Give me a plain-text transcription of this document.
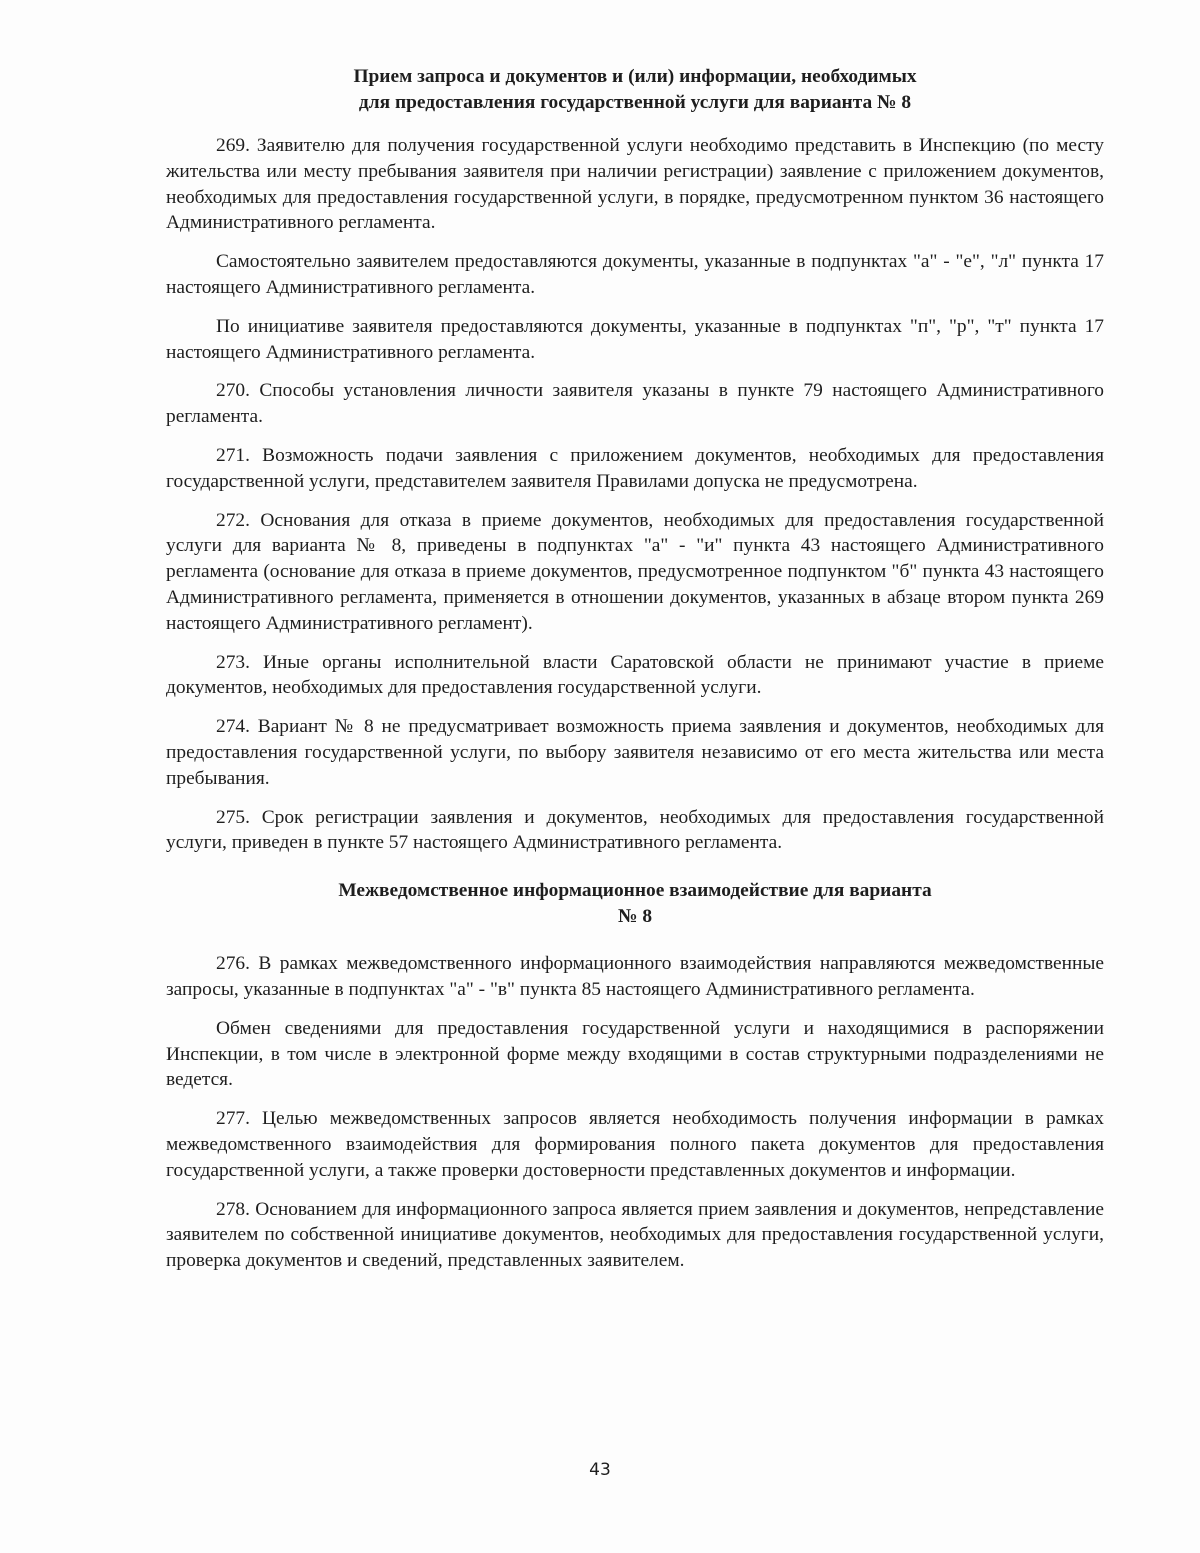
Прием запроса и документов и (или) информации, необходимых
для предоставления государственной услуги для варианта № 8

269. Заявителю для получения государственной услуги необходимо представить в Инспекцию (по месту жительства или месту пребывания заявителя при наличии регистрации) заявление с приложением документов, необходимых для предоставления государственной услуги, в порядке, предусмотренном пунктом 36 настоящего Административного регламента.

Самостоятельно заявителем предоставляются документы, указанные в подпунктах "а" - "е", "л" пункта 17 настоящего Административного регламента.

По инициативе заявителя предоставляются документы, указанные в подпунктах "п", "р", "т" пункта 17 настоящего Административного регламента.

270. Способы установления личности заявителя указаны в пункте 79 настоящего Административного регламента.

271. Возможность подачи заявления с приложением документов, необходимых для предоставления государственной услуги, представителем заявителя Правилами допуска не предусмотрена.

272. Основания для отказа в приеме документов, необходимых для предоставления государственной услуги для варианта № 8, приведены в подпунктах "а" - "и" пункта 43 настоящего Административного регламента (основание для отказа в приеме документов, предусмотренное подпунктом "б" пункта 43 настоящего Административного регламента, применяется в отношении документов, указанных в абзаце втором пункта 269 настоящего Административного регламент).

273. Иные органы исполнительной власти Саратовской области не принимают участие в приеме документов, необходимых для предоставления государственной услуги.

274. Вариант № 8 не предусматривает возможность приема заявления и документов, необходимых для предоставления государственной услуги, по выбору заявителя независимо от его места жительства или места пребывания.

275. Срок регистрации заявления и документов, необходимых для предоставления государственной услуги, приведен в пункте 57 настоящего Административного регламента.

Межведомственное информационное взаимодействие для варианта
№ 8

276. В рамках межведомственного информационного взаимодействия направляются межведомственные запросы, указанные в подпунктах "а" - "в" пункта 85 настоящего Административного регламента.

Обмен сведениями для предоставления государственной услуги и находящимися в распоряжении Инспекции, в том числе в электронной форме между входящими в состав структурными подразделениями не ведется.

277. Целью межведомственных запросов является необходимость получения информации в рамках межведомственного взаимодействия для формирования полного пакета документов для предоставления государственной услуги, а также проверки достоверности представленных документов и информации.

278. Основанием для информационного запроса является прием заявления и документов, непредставление заявителем по собственной инициативе документов, необходимых для предоставления государственной услуги, проверка документов и сведений, представленных заявителем.

43
